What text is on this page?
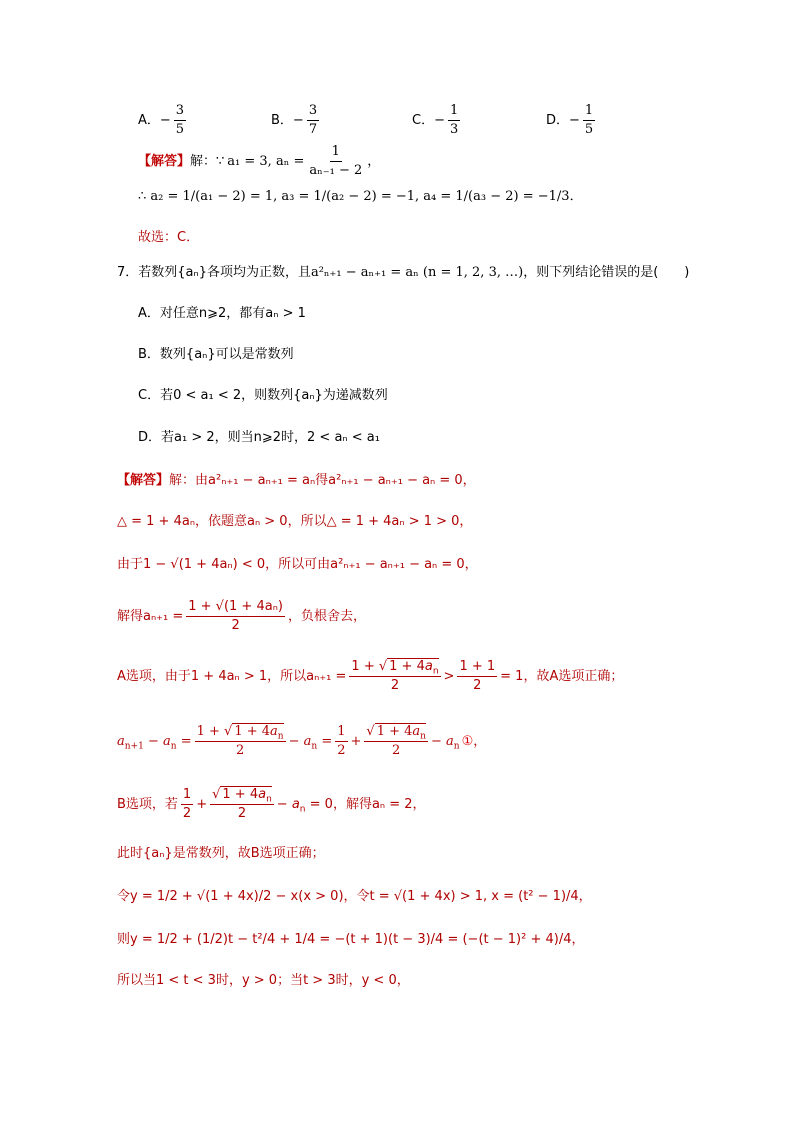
A．− $\frac{3}{5}$	B．− $\frac{3}{7}$	C．− $\frac{1}{3}$	D．− $\frac{1}{5}$
【解答】 解：∵ a₁ = 3, $a_n = \frac{1}{\text{aₙ₋₁ − 2}}$ ，
∴ a₂ = 1/(a₁ − 2) = 1, a₃ = 1/(a₂ − 2) = −1, a₄ = 1/(a₃ − 2) = −1/3．
故选：C．
7．若数列{aₙ}各项均为正数，且 a²ₙ₊₁ − aₙ₊₁ = aₙ (n = 1, 2, 3, …) ，则下列结论错误的是(　　)
A．对任意n⩾2，都有aₙ > 1
B．数列{aₙ}可以是常数列
C．若0 < a₁ < 2，则数列{aₙ}为递减数列
D．若a₁ > 2，则当n⩾2时，2 < aₙ < a₁
【解答】 解：由a²ₙ₊₁ − aₙ₊₁ = aₙ得a²ₙ₊₁ − aₙ₊₁ − aₙ = 0，
△ = 1 + 4aₙ，依题意aₙ > 0，所以△ = 1 + 4aₙ > 1 > 0，
由于1 − √(1 + 4aₙ) < 0，所以可由a²ₙ₊₁ − aₙ₊₁ − aₙ = 0，
解得$a_{n+1} = \frac{\text{1 + √(1 + 4aₙ)}}{2}$ ，负根舍去，
A选项，由于1 + 4aₙ > 1，所以$a_{n+1} = \frac{1 + √ 1 + 4a_n}{2} > \frac{1 + 1}{2} = 1$ ，故A选项正确；
$a_{n+1} - a_n = \frac{1 + √ 1 + 4a_n}{2} - a_n = \frac{1}{2} + \frac{√ 1 + 4a_n}{2} - a_n$ ① ，
B选项，若
1
2
+ $\frac{√ 1 + 4a_n}{2} - a_n = 0$ ，解得aₙ = 2，
此时{aₙ}是常数列，故B选项正确；
令y = 1/2 + √(1 + 4x)/2 − x(x > 0)，令t = √(1 + 4x) > 1, x = (t² − 1)/4，
则y = 1/2 + (1/2)t − t²/4 + 1/4 = −(t + 1)(t − 3)/4 = (−(t − 1)² + 4)/4，
所以当1 < t < 3时，y > 0；当t > 3时，y < 0，
